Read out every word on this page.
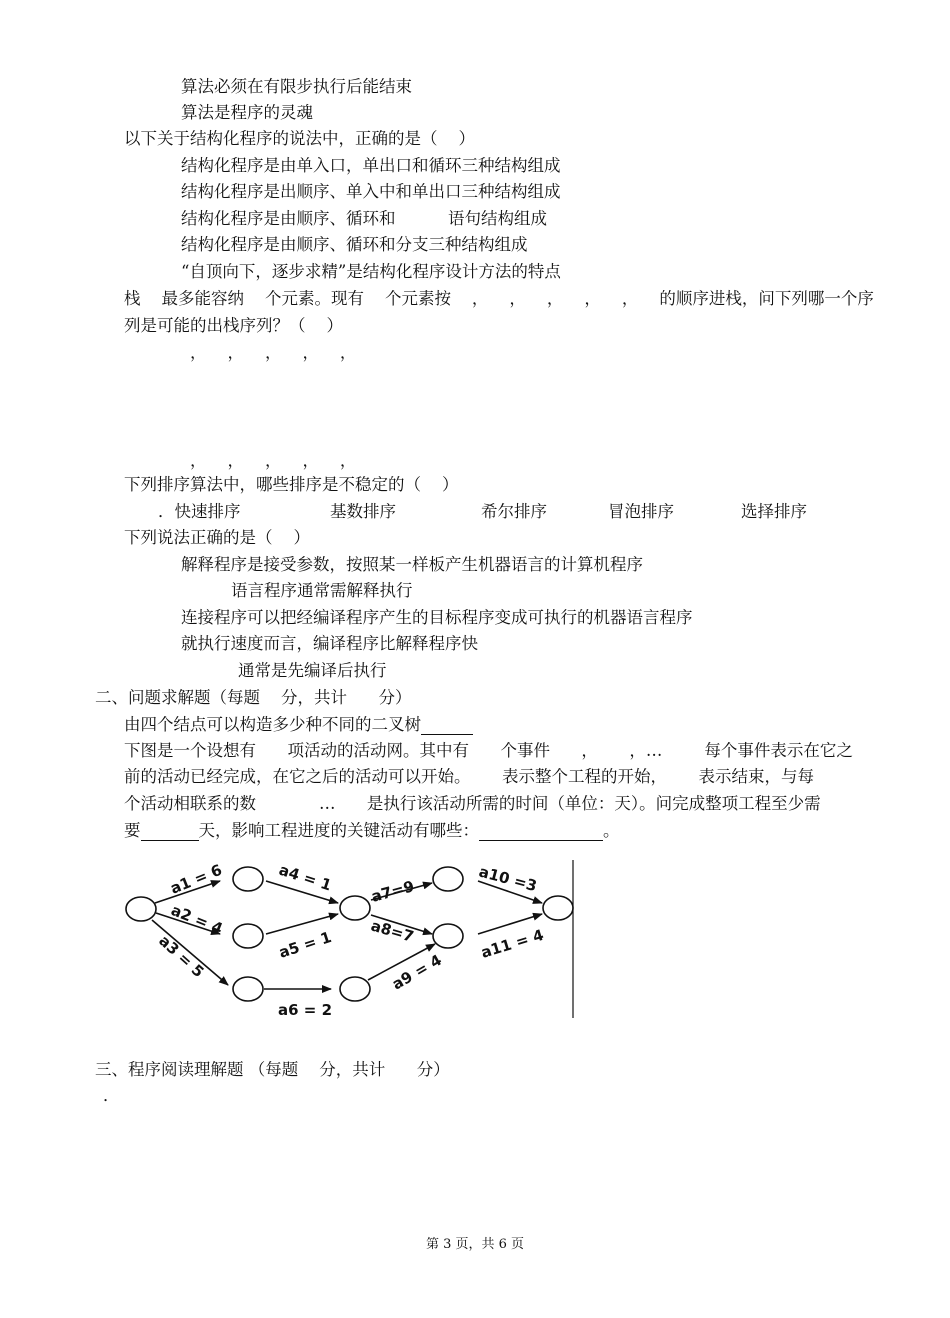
算法必须在有限步执行后能结束
算法是程序的灵魂
以下关于结构化程序的说法中，正确的是（    ）
结构化程序是由单入口，单出口和循环三种结构组成
结构化程序是出顺序、单入中和单出口三种结构组成
结构化程序是由顺序、循环和          语句结构组成
结构化程序是由顺序、循环和分支三种结构组成
“自顶向下，逐步求精”是结构化程序设计方法的特点
栈    最多能容纳    个元素。现有    个元素按    ，    ，    ，    ，    ，    的顺序进栈，问下列哪一个序
列是可能的出栈序列？（    ）
，    ，    ，    ，    ，
，    ，    ，    ，    ，
下列排序算法中，哪些排序是不稳定的（    ）
．快速排序	基数排序	希尔排序	冒泡排序	选择排序
下列说法正确的是（    ）
解释程序是接受参数，按照某一样板产生机器语言的计算机程序
语言程序通常需解释执行
连接程序可以把经编译程序产生的目标程序变成可执行的机器语言程序
就执行速度而言，编译程序比解释程序快
通常是先编译后执行
二、问题求解题（每题    分，共计      分）
由四个结点可以构造多少种不同的二叉树
下图是一个设想有      项活动的活动网。其中有      个事件      ，      ，…        每个事件表示在它之
前的活动已经完成，在它之后的活动可以开始。      表示整个工程的开始，      表示结束，与每
个活动相联系的数            …      是执行该活动所需的时间（单位：天）。问完成整项工程至少需
要	天，影响工程进度的关键活动有哪些：	。
a1 = 6
a2 = 4
a3 = 5
a4 = 1
a5 = 1
a6 = 2
a7=9
a8=7
a9 = 4
a10 =3
a11 = 4
三、程序阅读理解题 （每题    分，共计      分）
．
第 3 页，共 6 页
